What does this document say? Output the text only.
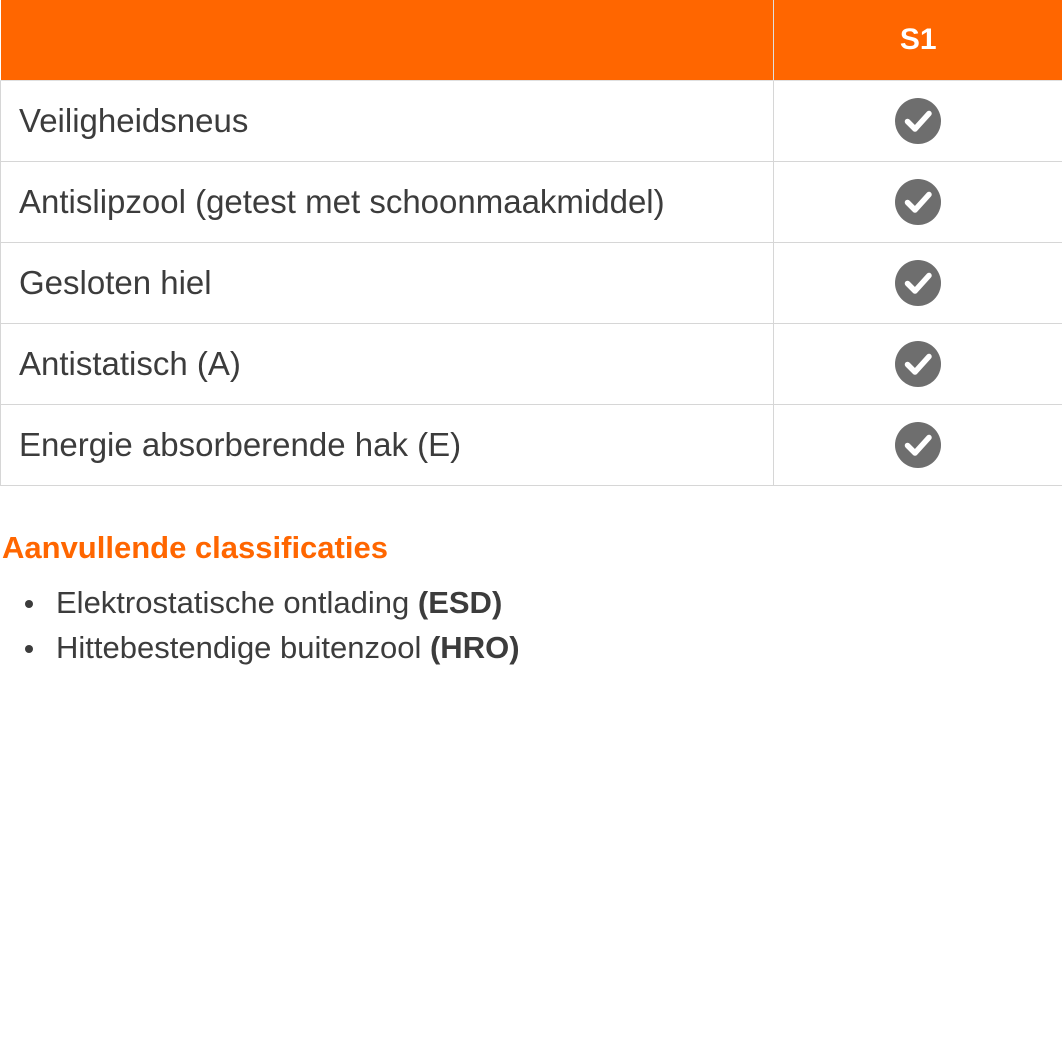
	S1
Veiligheidsneus	

Antislipzool (getest met schoonmaakmiddel)	

Gesloten hiel	

Antistatisch (A)	

Energie absorberende hak (E)	
Aanvullende classificaties
Elektrostatische ontlading (ESD)
Hittebestendige buitenzool (HRO)
